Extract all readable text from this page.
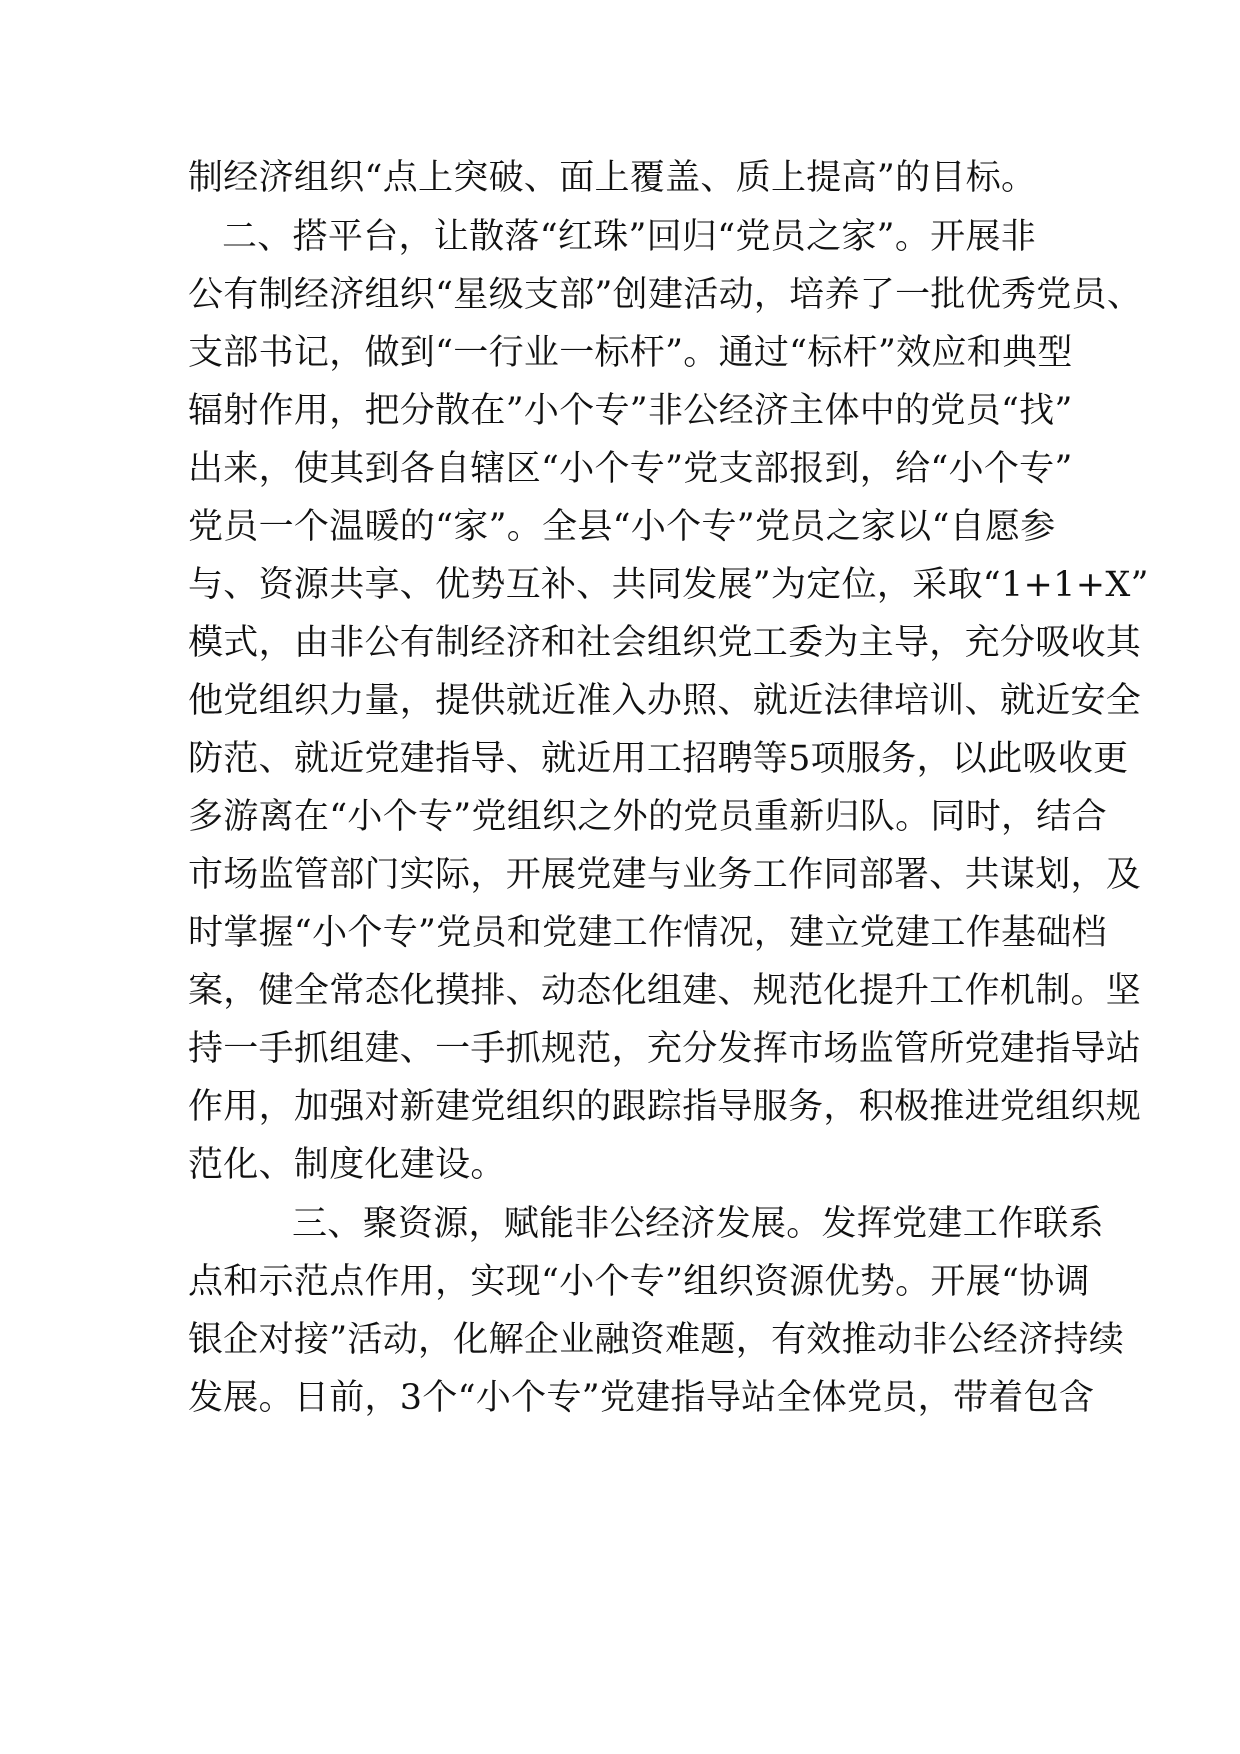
制经济组织“点上突破、面上覆盖、质上提高”的目标。
二、搭平台，让散落“红珠”回归“党员之家”。开展非
公有制经济组织“星级支部”创建活动，培养了一批优秀党员、
支部书记，做到“一行业一标杆”。通过“标杆”效应和典型
辐射作用，把分散在”小个专”非公经济主体中的党员“找”
出来，使其到各自辖区“小个专”党支部报到，给“小个专”
党员一个温暖的“家”。全县“小个专”党员之家以“自愿参
与、资源共享、优势互补、共同发展”为定位，采取“1+1+X”
模式，由非公有制经济和社会组织党工委为主导，充分吸收其
他党组织力量，提供就近准入办照、就近法律培训、就近安全
防范、就近党建指导、就近用工招聘等5项服务，以此吸收更
多游离在“小个专”党组织之外的党员重新归队。同时，结合
市场监管部门实际，开展党建与业务工作同部署、共谋划，及
时掌握“小个专”党员和党建工作情况，建立党建工作基础档
案，健全常态化摸排、动态化组建、规范化提升工作机制。坚
持一手抓组建、一手抓规范，充分发挥市场监管所党建指导站
作用，加强对新建党组织的跟踪指导服务，积极推进党组织规
范化、制度化建设。
三、聚资源，赋能非公经济发展。发挥党建工作联系
点和示范点作用，实现“小个专”组织资源优势。开展“协调
银企对接”活动，化解企业融资难题，有效推动非公经济持续
发展。日前，3个“小个专”党建指导站全体党员，带着包含
